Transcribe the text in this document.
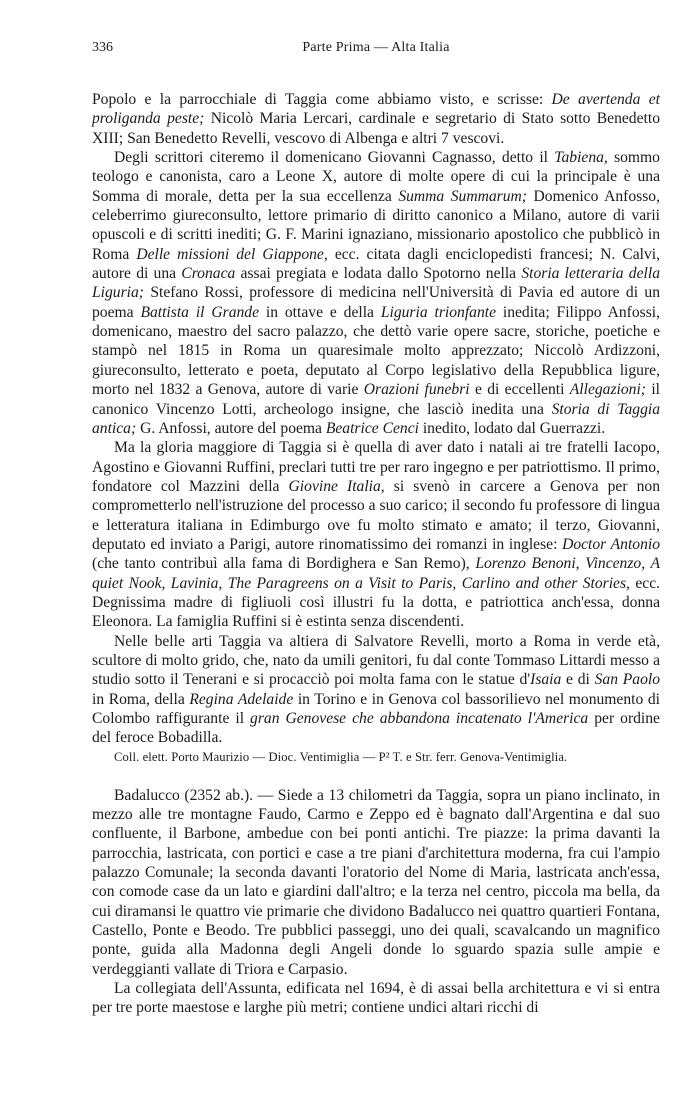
336	Parte Prima — Alta Italia

Popolo e la parrocchiale di Taggia come abbiamo visto, e scrisse: De avertenda et proliganda peste; Nicolò Maria Lercari, cardinale e segretario di Stato sotto Benedetto XIII; San Benedetto Revelli, vescovo di Albenga e altri 7 vescovi.

Degli scrittori citeremo il domenicano Giovanni Cagnasso, detto il Tabiena, sommo teologo e canonista, caro a Leone X, autore di molte opere di cui la principale è una Somma di morale, detta per la sua eccellenza Summa Summarum; Domenico Anfosso, celeberrimo giureconsulto, lettore primario di diritto canonico a Milano, autore di varii opuscoli e di scritti inediti; G. F. Marini ignaziano, missionario apostolico che pubblicò in Roma Delle missioni del Giappone, ecc. citata dagli enciclopedisti francesi; N. Calvi, autore di una Cronaca assai pregiata e lodata dallo Spotorno nella Storia letteraria della Liguria; Stefano Rossi, professore di medicina nell'Università di Pavia ed autore di un poema Battista il Grande in ottave e della Liguria trionfante inedita; Filippo Anfossi, domenicano, maestro del sacro palazzo, che dettò varie opere sacre, storiche, poetiche e stampò nel 1815 in Roma un quaresimale molto apprezzato; Niccolò Ardizzoni, giureconsulto, letterato e poeta, deputato al Corpo legislativo della Repubblica ligure, morto nel 1832 a Genova, autore di varie Orazioni funebri e di eccellenti Allegazioni; il canonico Vincenzo Lotti, archeologo insigne, che lasciò inedita una Storia di Taggia antica; G. Anfossi, autore del poema Beatrice Cenci inedito, lodato dal Guerrazzi.

Ma la gloria maggiore di Taggia si è quella di aver dato i natali ai tre fratelli Iacopo, Agostino e Giovanni Ruffini, preclari tutti tre per raro ingegno e per patriottismo. Il primo, fondatore col Mazzini della Giovine Italia, si svenò in carcere a Genova per non comprometterlo nell'istruzione del processo a suo carico; il secondo fu professore di lingua e letteratura italiana in Edimburgo ove fu molto stimato e amato; il terzo, Giovanni, deputato ed inviato a Parigi, autore rinomatissimo dei romanzi in inglese: Doctor Antonio (che tanto contribuì alla fama di Bordighera e San Remo), Lorenzo Benoni, Vincenzo, A quiet Nook, Lavinia, The Paragreens on a Visit to Paris, Carlino and other Stories, ecc. Degnissima madre di figliuoli così illustri fu la dotta, e patriottica anch'essa, donna Eleonora. La famiglia Ruffini si è estinta senza discendenti.

Nelle belle arti Taggia va altiera di Salvatore Revelli, morto a Roma in verde età, scultore di molto grido, che, nato da umili genitori, fu dal conte Tommaso Littardi messo a studio sotto il Tenerani e si procacciò poi molta fama con le statue d'Isaia e di San Paolo in Roma, della Regina Adelaide in Torino e in Genova col bassorilievo nel monumento di Colombo raffigurante il gran Genovese che abbandona incatenato l'America per ordine del feroce Bobadilla.

Coll. elett. Porto Maurizio — Dioc. Ventimiglia — P² T. e Str. ferr. Genova-Ventimiglia.

Badalucco (2352 ab.). — Siede a 13 chilometri da Taggia, sopra un piano inclinato, in mezzo alle tre montagne Faudo, Carmo e Zeppo ed è bagnato dall'Argentina e dal suo confluente, il Barbone, ambedue con bei ponti antichi. Tre piazze: la prima davanti la parrocchia, lastricata, con portici e case a tre piani d'architettura moderna, fra cui l'ampio palazzo Comunale; la seconda davanti l'oratorio del Nome di Maria, lastricata anch'essa, con comode case da un lato e giardini dall'altro; e la terza nel centro, piccola ma bella, da cui diramansi le quattro vie primarie che dividono Badalucco nei quattro quartieri Fontana, Castello, Ponte e Beodo. Tre pubblici passeggi, uno dei quali, scavalcando un magnifico ponte, guida alla Madonna degli Angeli donde lo sguardo spazia sulle ampie e verdeggianti vallate di Triora e Carpasio.

La collegiata dell'Assunta, edificata nel 1694, è di assai bella architettura e vi si entra per tre porte maestose e larghe più metri; contiene undici altari ricchi di
